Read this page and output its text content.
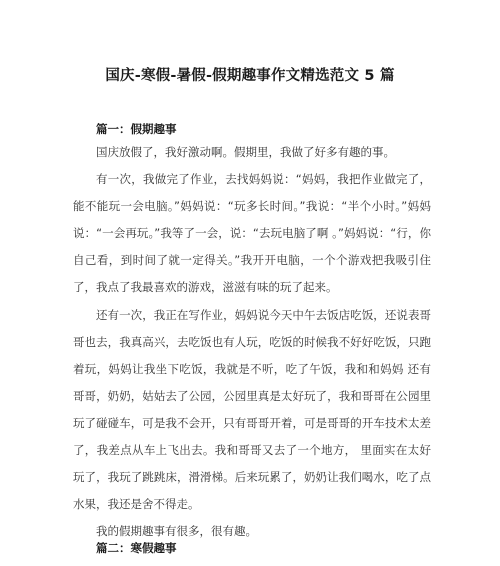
国庆-寒假-暑假-假期趣事作文精选范文 5 篇
篇一：假期趣事

国庆放假了，我好激动啊。假期里，我做了好多有趣的事。

有一次，我做完了作业，去找妈妈说：“妈妈，我把作业做完了，能不能玩一会电脑。”妈妈说：“玩多长时间。”我说：“半个小时。”妈妈说：“一会再玩。”我等了一会，说：“去玩电脑了啊 。”妈妈说：“行，你自己看，到时间了就一定得关。”我开开电脑，一个个游戏把我吸引住了，我点了我最喜欢的游戏，滋滋有味的玩了起来。

还有一次，我正在写作业，妈妈说今天中午去饭店吃饭，还说表哥哥也去，我真高兴，去吃饭也有人玩，吃饭的时候我不好好吃饭，只跑着玩，妈妈让我坐下吃饭，我就是不听，吃了午饭，我和和妈妈 还有哥哥，奶奶，姑姑去了公园，公园里真是太好玩了，我和哥哥在公园里玩了碰碰车，可是我不会开，只有哥哥开着，可是哥哥的开车技术太差了，我差点从车上飞出去。我和哥哥又去了一个地方， 里面实在太好玩了，我玩了跳跳床，滑滑梯。后来玩累了，奶奶让我们喝水，吃了点水果，我还是舍不得走。

我的假期趣事有很多，很有趣。

篇二：寒假趣事
